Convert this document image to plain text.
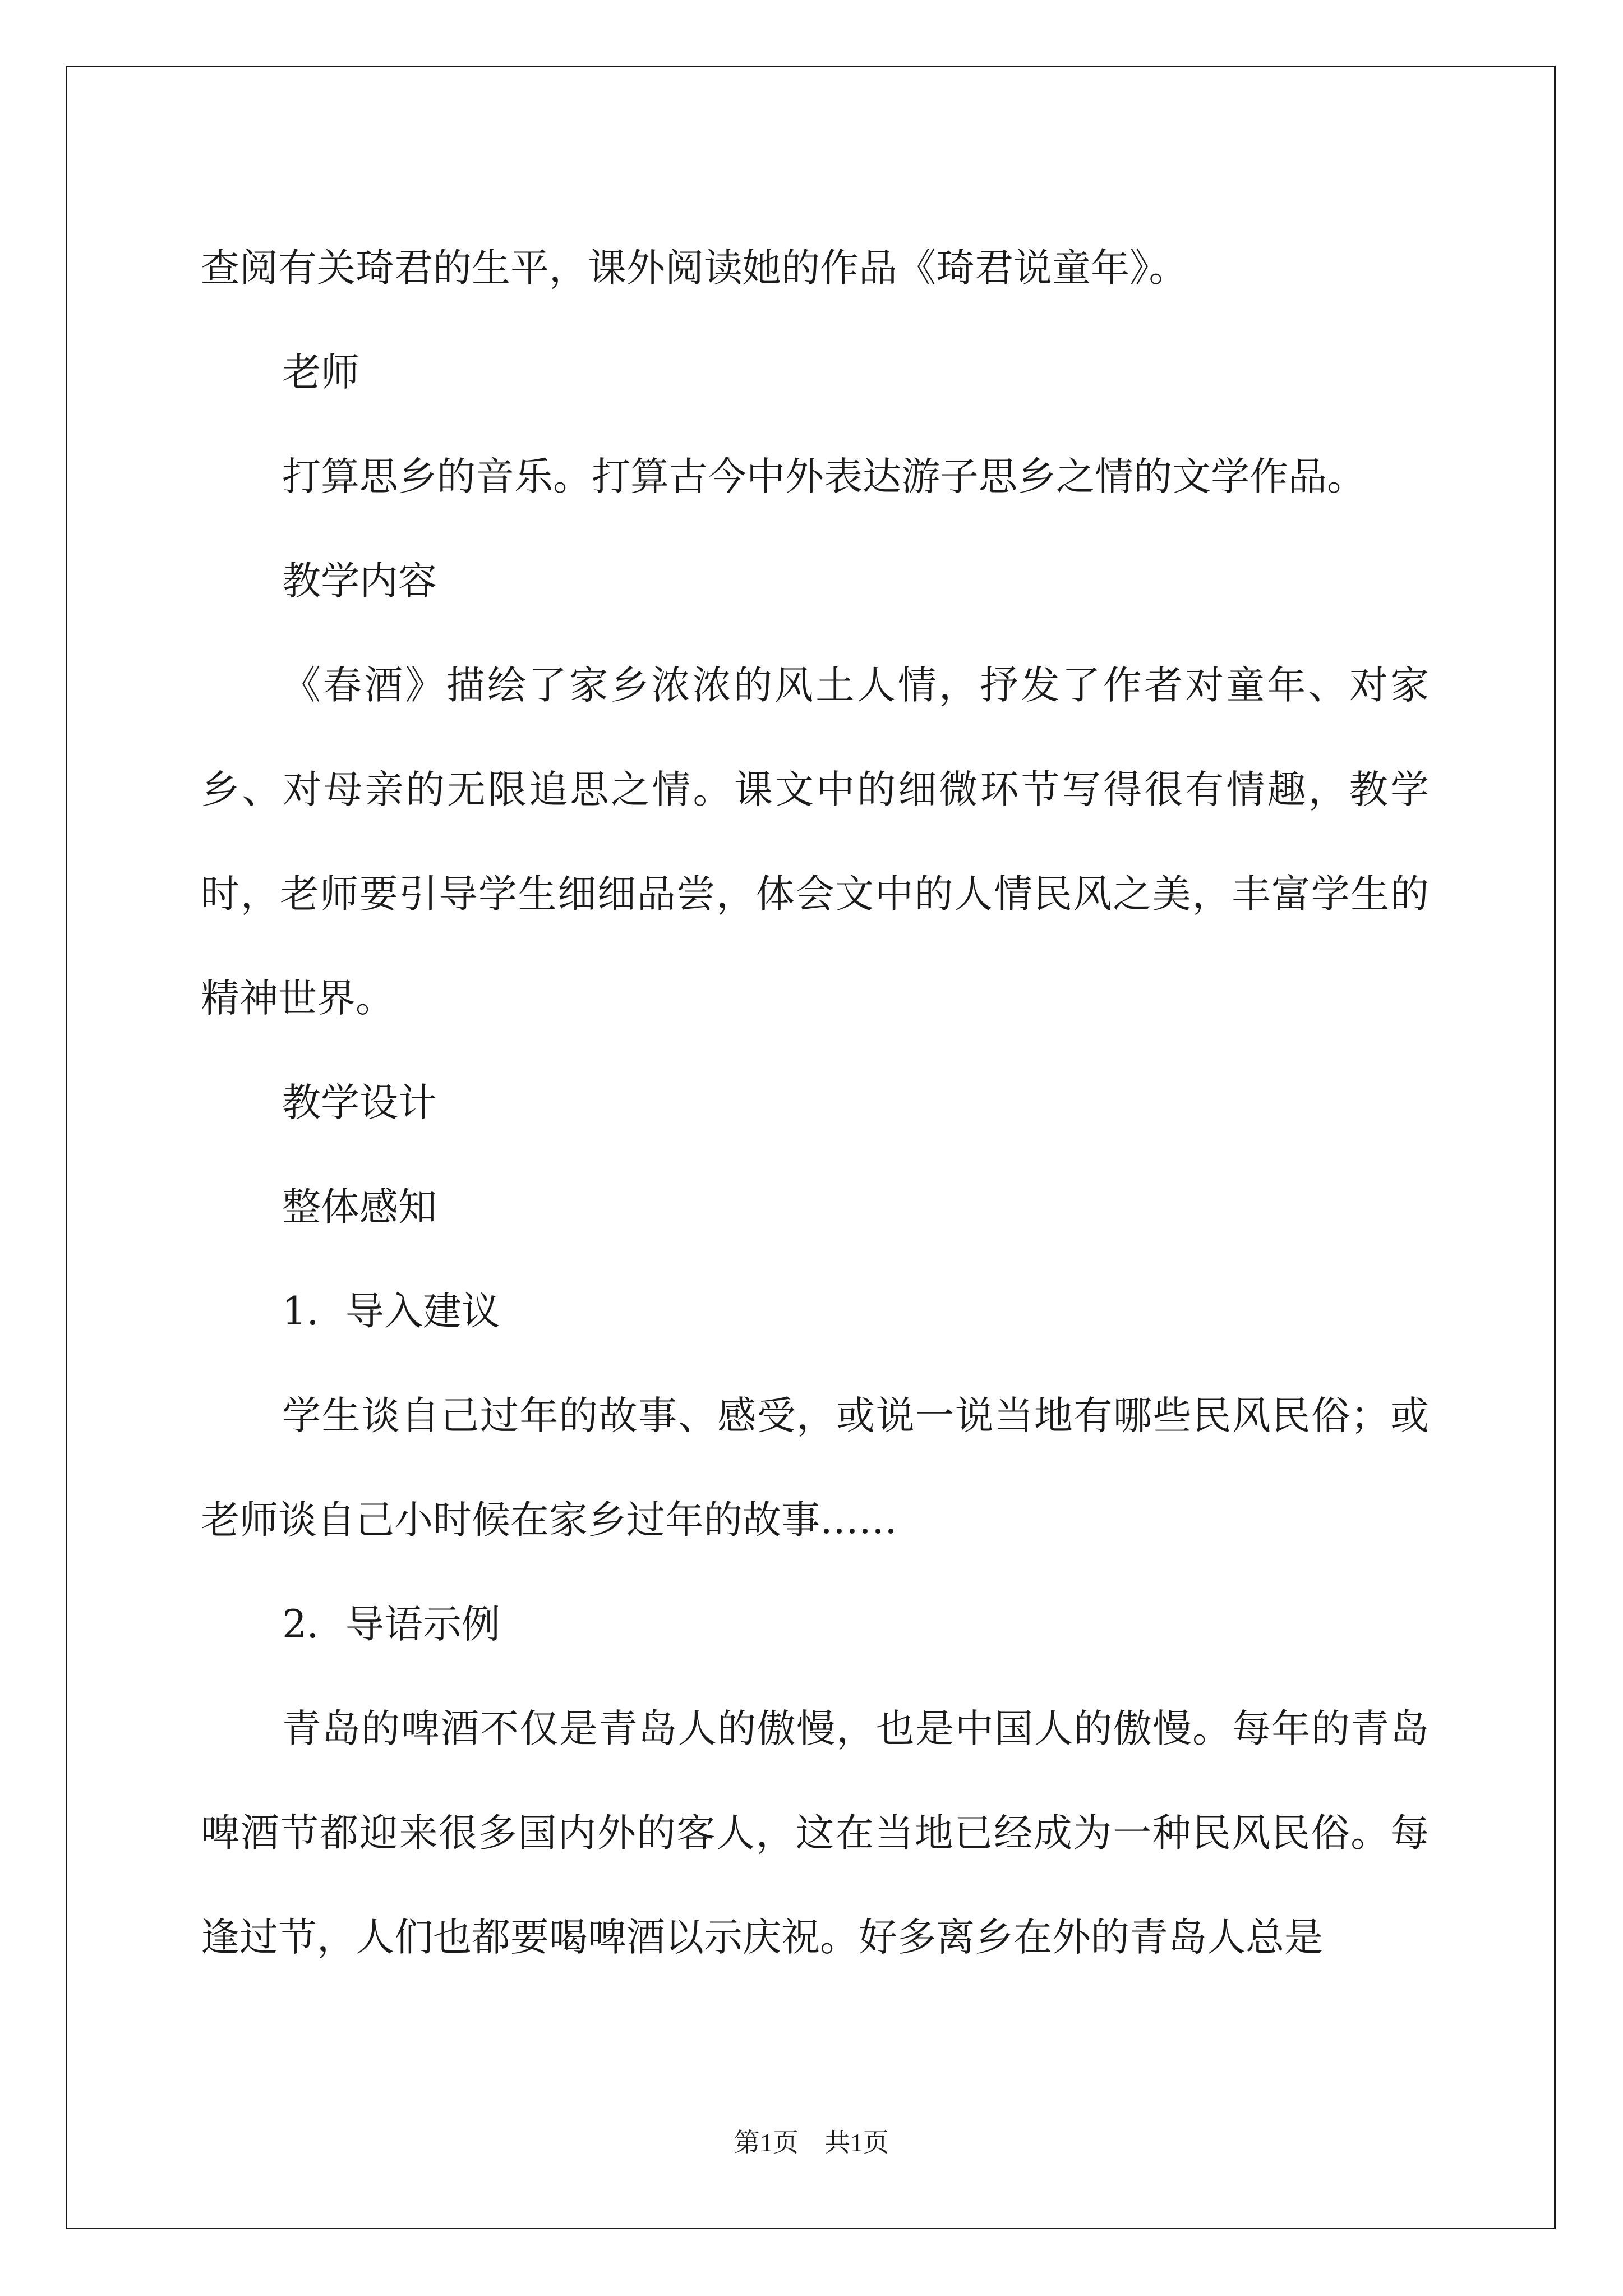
查阅有关琦君的生平，课外阅读她的作品《琦君说童年》。

老师

打算思乡的音乐。打算古今中外表达游子思乡之情的文学作品。

教学内容

《春酒》描绘了家乡浓浓的风土人情，抒发了作者对童年、对家乡、对母亲的无限追思之情。课文中的细微环节写得很有情趣，教学时，老师要引导学生细细品尝，体会文中的人情民风之美，丰富学生的精神世界。

教学设计

整体感知

1．导入建议

学生谈自己过年的故事、感受，或说一说当地有哪些民风民俗；或老师谈自己小时候在家乡过年的故事……

2．导语示例

青岛的啤酒不仅是青岛人的傲慢，也是中国人的傲慢。每年的青岛啤酒节都迎来很多国内外的客人，这在当地已经成为一种民风民俗。每逢过节，人们也都要喝啤酒以示庆祝。好多离乡在外的青岛人总是

第1页 共1页
